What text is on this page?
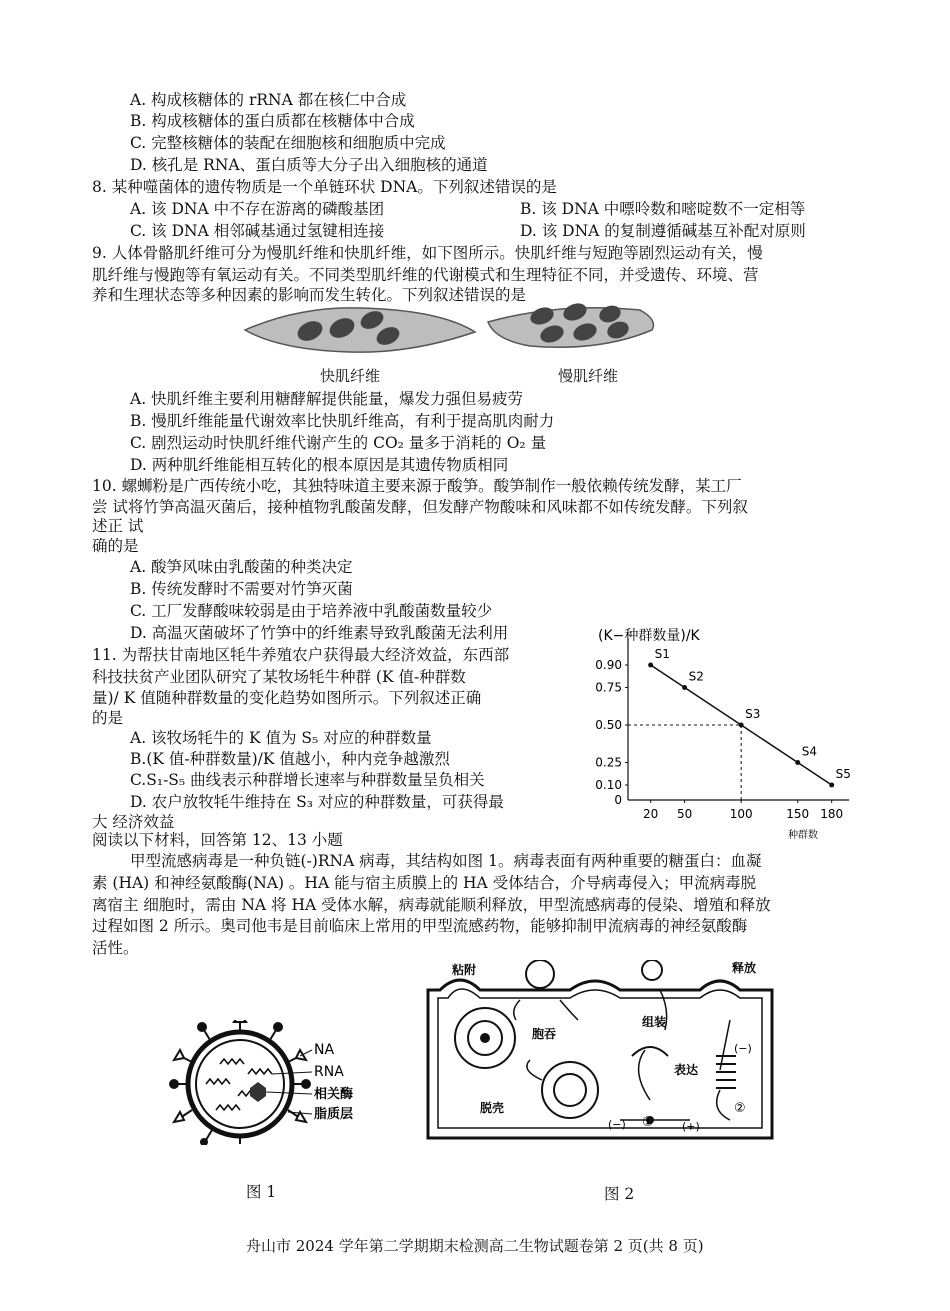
A. 构成核糖体的 rRNA 都在核仁中合成
B. 构成核糖体的蛋白质都在核糖体中合成
C. 完整核糖体的装配在细胞核和细胞质中完成
D. 核孔是 RNA、蛋白质等大分子出入细胞核的通道
8. 某种噬菌体的遗传物质是一个单链环状 DNA。下列叙述错误的是
A. 该 DNA 中不存在游离的磷酸基团	B. 该 DNA 中嘌呤数和嘧啶数不一定相等
C. 该 DNA 相邻碱基通过氢键相连接	D. 该 DNA 的复制遵循碱基互补配对原则
9. 人体骨骼肌纤维可分为慢肌纤维和快肌纤维，如下图所示。快肌纤维与短跑等剧烈运动有关，慢
肌纤维与慢跑等有氧运动有关。不同类型肌纤维的代谢模式和生理特征不同，并受遗传、环境、营
养和生理状态等多种因素的影响而发生转化。下列叙述错误的是
快肌纤维	慢肌纤维
A. 快肌纤维主要利用糖酵解提供能量，爆发力强但易疲劳
B. 慢肌纤维能量代谢效率比快肌纤维高，有利于提高肌肉耐力
C. 剧烈运动时快肌纤维代谢产生的 CO₂ 量多于消耗的 O₂ 量
D. 两种肌纤维能相互转化的根本原因是其遗传物质相同
10. 螺蛳粉是广西传统小吃，其独特味道主要来源于酸笋。酸笋制作一般依赖传统发酵，某工厂
尝 试将竹笋高温灭菌后，接种植物乳酸菌发酵，但发酵产物酸味和风味都不如传统发酵。下列叙
述正 试
确的是
A. 酸笋风味由乳酸菌的种类决定
B. 传统发酵时不需要对竹笋灭菌
C. 工厂发酵酸味较弱是由于培养液中乳酸菌数量较少
D. 高温灭菌破坏了竹笋中的纤维素导致乳酸菌无法利用
11. 为帮扶甘南地区牦牛养殖农户获得最大经济效益，东西部
科技扶贫产业团队研究了某牧场牦牛种群 (K 值-种群数
量)/ K 值随种群数量的变化趋势如图所示。下列叙述正确
的是
A. 该牧场牦牛的 K 值为 S₅ 对应的种群数量
B.(K 值-种群数量)/K 值越小，种内竞争越激烈
C.S₁-S₅ 曲线表示种群增长速率与种群数量呈负相关
D. 农户放牧牦牛维持在 S₃ 对应的种群数量，可获得最
大 经济效益
(K−种群数量)/K
种群数
0
0.10
0.25
0.50
0.75
0.90
20 50	100	150 180
S1
S2
S3
S4
S5
阅读以下材料，回答第 12、13 小题
甲型流感病毒是一种负链(-)RNA 病毒，其结构如图 1。病毒表面有两种重要的糖蛋白：血凝
素 (HA) 和神经氨酸酶(NA) 。HA 能与宿主质膜上的 HA 受体结合，介导病毒侵入；甲流病毒脱
离宿主 细胞时，需由 NA 将 HA 受体水解，病毒就能顺利释放，甲型流感病毒的侵染、增殖和释放
过程如图 2 所示。奥司他韦是目前临床上常用的甲型流感药物，能够抑制甲流病毒的神经氨酸酶
活性。
NA
RNA
相关酶
脂质层
图 1
粘附
胞吞
脱壳
组装
释放
表达
(−)	(+)
(−)
①
②
图 2
舟山市 2024 学年第二学期期末检测高二生物试题卷第 2 页(共 8 页)
